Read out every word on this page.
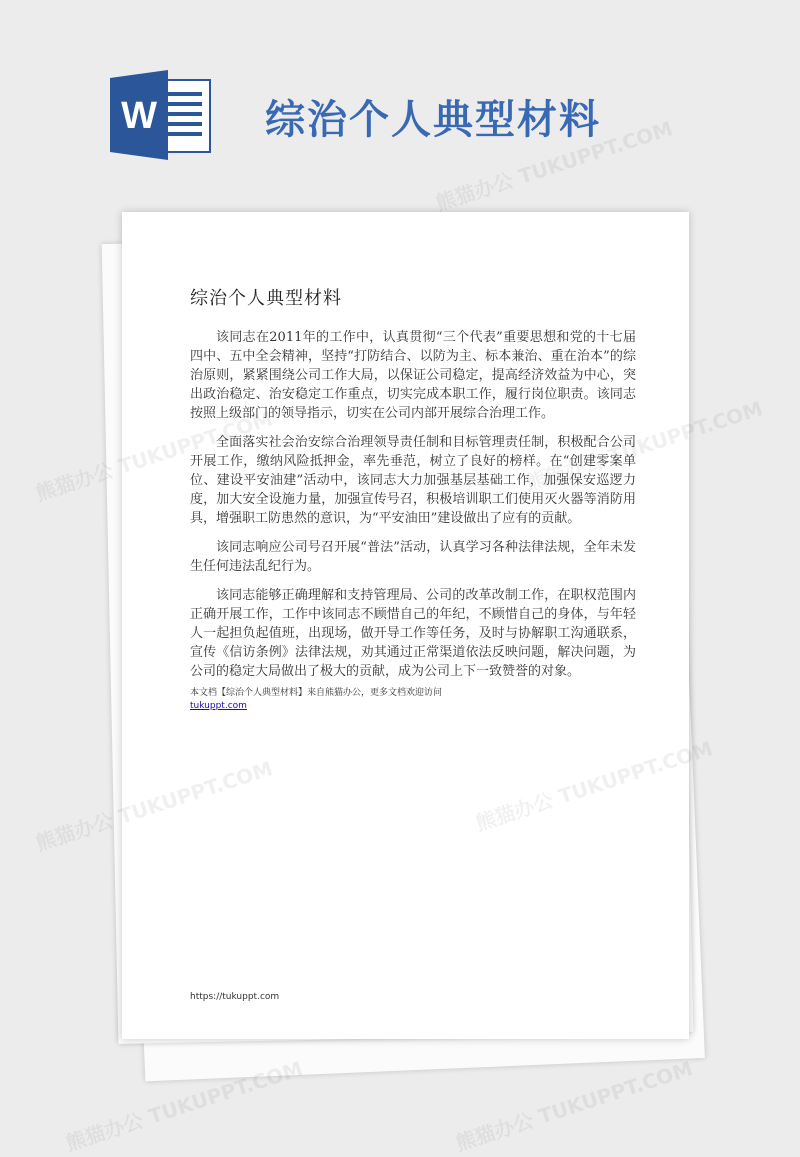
W	综治个人典型材料
综治个人典型材料

该同志在2011年的工作中，认真贯彻“三个代表”重要思想和党的十七届四中、五中全会精神，坚持“打防结合、以防为主、标本兼治、重在治本”的综治原则，紧紧围绕公司工作大局，以保证公司稳定，提高经济效益为中心，突出政治稳定、治安稳定工作重点，切实完成本职工作，履行岗位职责。该同志按照上级部门的领导指示，切实在公司内部开展综合治理工作。

全面落实社会治安综合治理领导责任制和目标管理责任制，积极配合公司开展工作，缴纳风险抵押金，率先垂范，树立了良好的榜样。在“创建零案单位、建设平安油建”活动中，该同志大力加强基层基础工作，加强保安巡逻力度，加大安全设施力量，加强宣传号召，积极培训职工们使用灭火器等消防用具，增强职工防患然的意识，为“平安油田”建设做出了应有的贡献。

该同志响应公司号召开展“普法”活动，认真学习各种法律法规，全年未发生任何违法乱纪行为。

该同志能够正确理解和支持管理局、公司的改革改制工作，在职权范围内正确开展工作，工作中该同志不顾惜自己的年纪，不顾惜自己的身体，与年轻人一起担负起值班，出现场，做开导工作等任务，及时与协解职工沟通联系，宣传《信访条例》法律法规，劝其通过正常渠道依法反映问题，解决问题，为公司的稳定大局做出了极大的贡献，成为公司上下一致赞誉的对象。

本文档【综治个人典型材料】来自熊猫办公，更多文档欢迎访问
tukuppt.com
https://tukuppt.com
熊猫办公 TUKUPPT.COM
熊猫办公
熊猫办公
熊猫办公 TUKUPPT.COM	熊猫办公 TUKUPPT.COM
